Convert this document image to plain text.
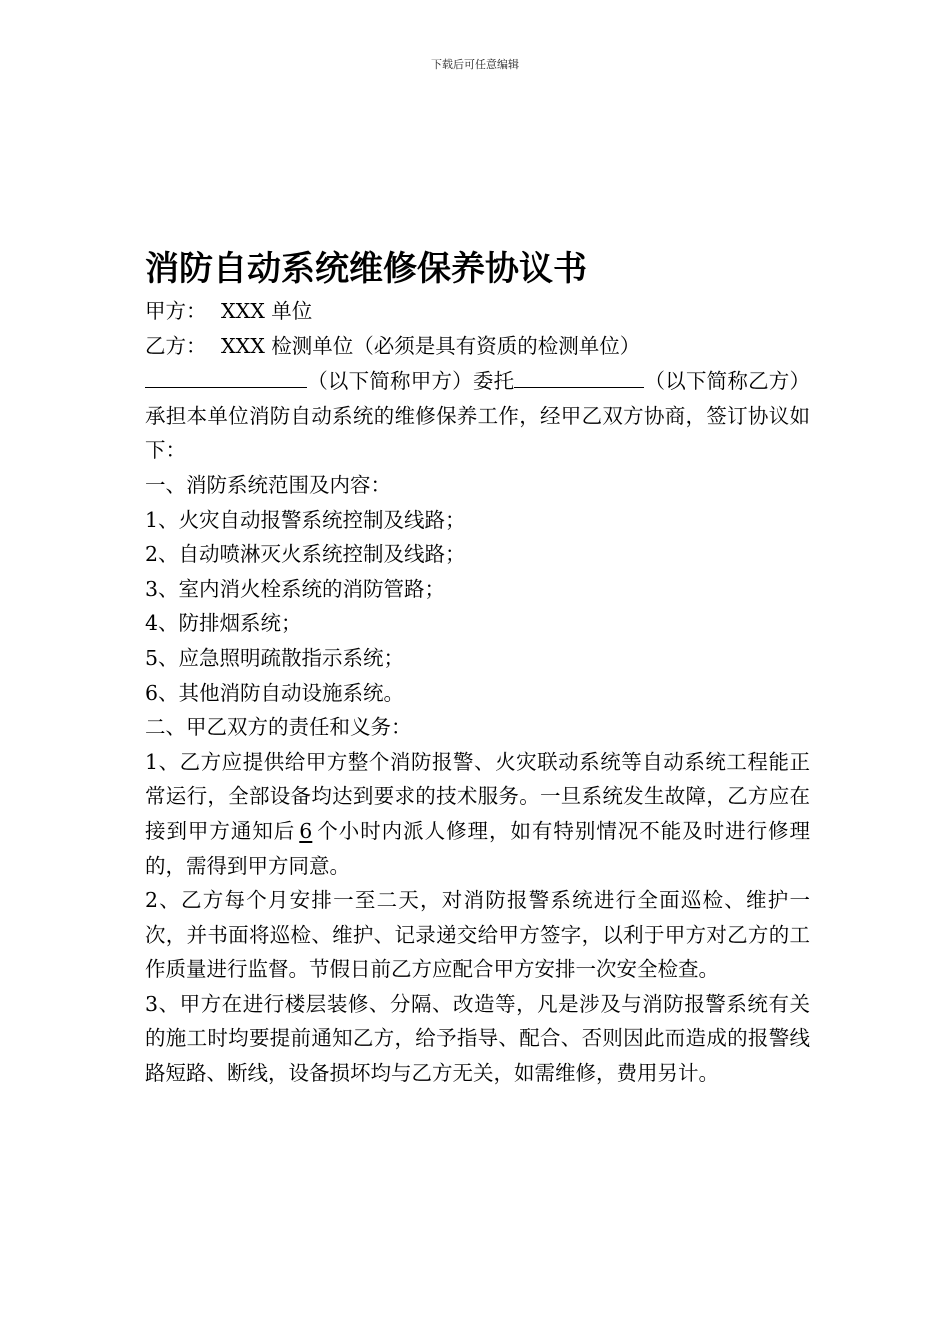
下载后可任意编辑
消防自动系统维修保养协议书
甲方： XXX 单位
乙方： XXX 检测单位（必须是具有资质的检测单位）
（以下简称甲方）委托	（以下简称乙方）承担本单位消防自动系统的维修保养工作，经甲乙双方协商，签订协议如下：
一、消防系统范围及内容：
1、火灾自动报警系统控制及线路；
2、自动喷淋灭火系统控制及线路；
3、室内消火栓系统的消防管路；
4、防排烟系统；
5、应急照明疏散指示系统；
6、其他消防自动设施系统。
二、甲乙双方的责任和义务：
1、乙方应提供给甲方整个消防报警、火灾联动系统等自动系统工程能正常运行，全部设备均达到要求的技术服务。一旦系统发生故障，乙方应在接到甲方通知后 6 个小时内派人修理，如有特别情况不能及时进行修理的，需得到甲方同意。
2、乙方每个月安排一至二天，对消防报警系统进行全面巡检、维护一次，并书面将巡检、维护、记录递交给甲方签字，以利于甲方对乙方的工作质量进行监督。节假日前乙方应配合甲方安排一次安全检查。
3、甲方在进行楼层装修、分隔、改造等，凡是涉及与消防报警系统有关的施工时均要提前通知乙方，给予指导、配合、否则因此而造成的报警线路短路、断线，设备损坏均与乙方无关，如需维修，费用另计。
